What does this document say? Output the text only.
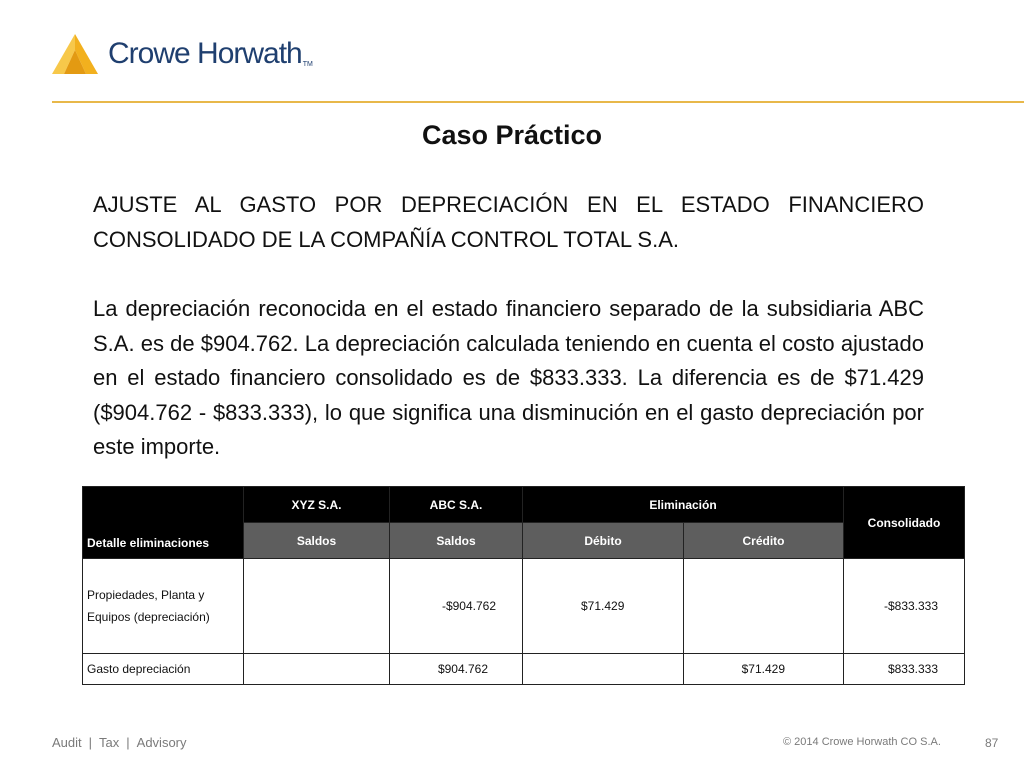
Crowe Horwath TM
Caso Práctico

AJUSTE AL GASTO POR DEPRECIACIÓN EN EL ESTADO FINANCIERO CONSOLIDADO DE LA COMPAÑÍA CONTROL TOTAL S.A.

La depreciación reconocida en el estado financiero separado de la subsidiaria ABC S.A. es de $904.762. La depreciación calculada teniendo en cuenta el costo ajustado en el estado financiero consolidado es de $833.333. La diferencia es de $71.429 ($904.762 - $833.333), lo que significa una disminución en el gasto depreciación por este importe.

Detalle eliminaciones	XYZ S.A.	ABC S.A.	Eliminación		Consolidado
	Saldos	Saldos	Débito	Crédito	

Propiedades, Planta y
Equipos (depreciación)		-$904.762	$71.429		-$833.333
Gasto depreciación		$904.762		$71.429	$833.333
Audit | Tax | Advisory	© 2014 Crowe Horwath CO S.A.	87
